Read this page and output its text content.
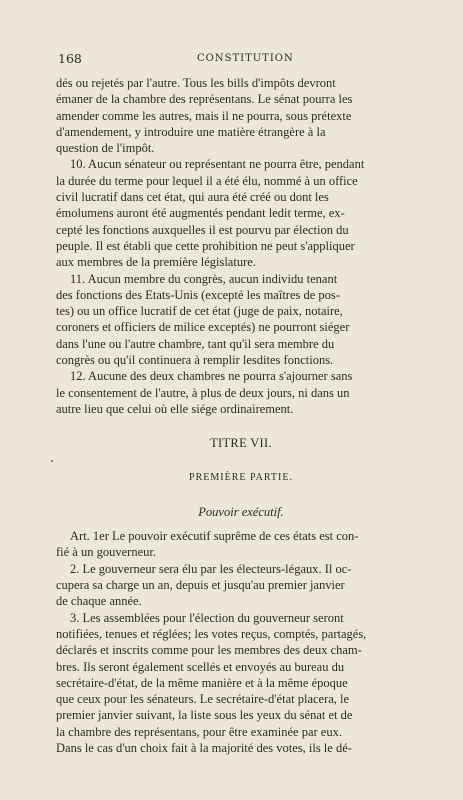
168	CONSTITUTION
dés ou rejetés par l'autre. Tous les bills d'impôts devront
émaner de la chambre des représentans. Le sénat pourra les
amender comme les autres, mais il ne pourra, sous prétexte
d'amendement, y introduire une matière étrangère à la
question de l'impôt.
10. Aucun sénateur ou représentant ne pourra être, pendant
la durée du terme pour lequel il a été élu, nommé à un office
civil lucratif dans cet état, qui aura été créé ou dont les
émolumens auront été augmentés pendant ledit terme, ex-
cepté les fonctions auxquelles il est pourvu par élection du
peuple. Il est établi que cette prohibition ne peut s'appliquer
aux membres de la première législature.
11. Aucun membre du congrès, aucun individu tenant
des fonctions des Etats-Unis (excepté les maîtres de pos-
tes) ou un office lucratif de cet état (juge de paix, notaire,
coroners et officiers de milice exceptés) ne pourront siéger
dans l'une ou l'autre chambre, tant qu'il sera membre du
congrès ou qu'il continuera à remplir lesdites fonctions.
12. Aucune des deux chambres ne pourra s'ajourner sans
le consentement de l'autre, à plus de deux jours, ni dans un
autre lieu que celui où elle siége ordinairement.
TITRE VII.
PREMIÈRE PARTIE.
Pouvoir exécutif.
Art. 1er Le pouvoir exécutif suprême de ces états est con-
fié à un gouverneur.
2. Le gouverneur sera élu par les électeurs-légaux. Il oc-
cupera sa charge un an, depuis et jusqu'au premier janvier
de chaque année.
3. Les assemblées pour l'élection du gouverneur seront
notifiées, tenues et réglées; les votes reçus, comptés, partagés,
déclarés et inscrits comme pour les membres des deux cham-
bres. Ils seront également scellés et envoyés au bureau du
secrétaire-d'état, de la même manière et à la même époque
que ceux pour les sénateurs. Le secrétaire-d'état placera, le
premier janvier suivant, la liste sous les yeux du sénat et de
la chambre des représentans, pour être examinée par eux.
Dans le cas d'un choix fait à la majorité des votes, ils le dé-
